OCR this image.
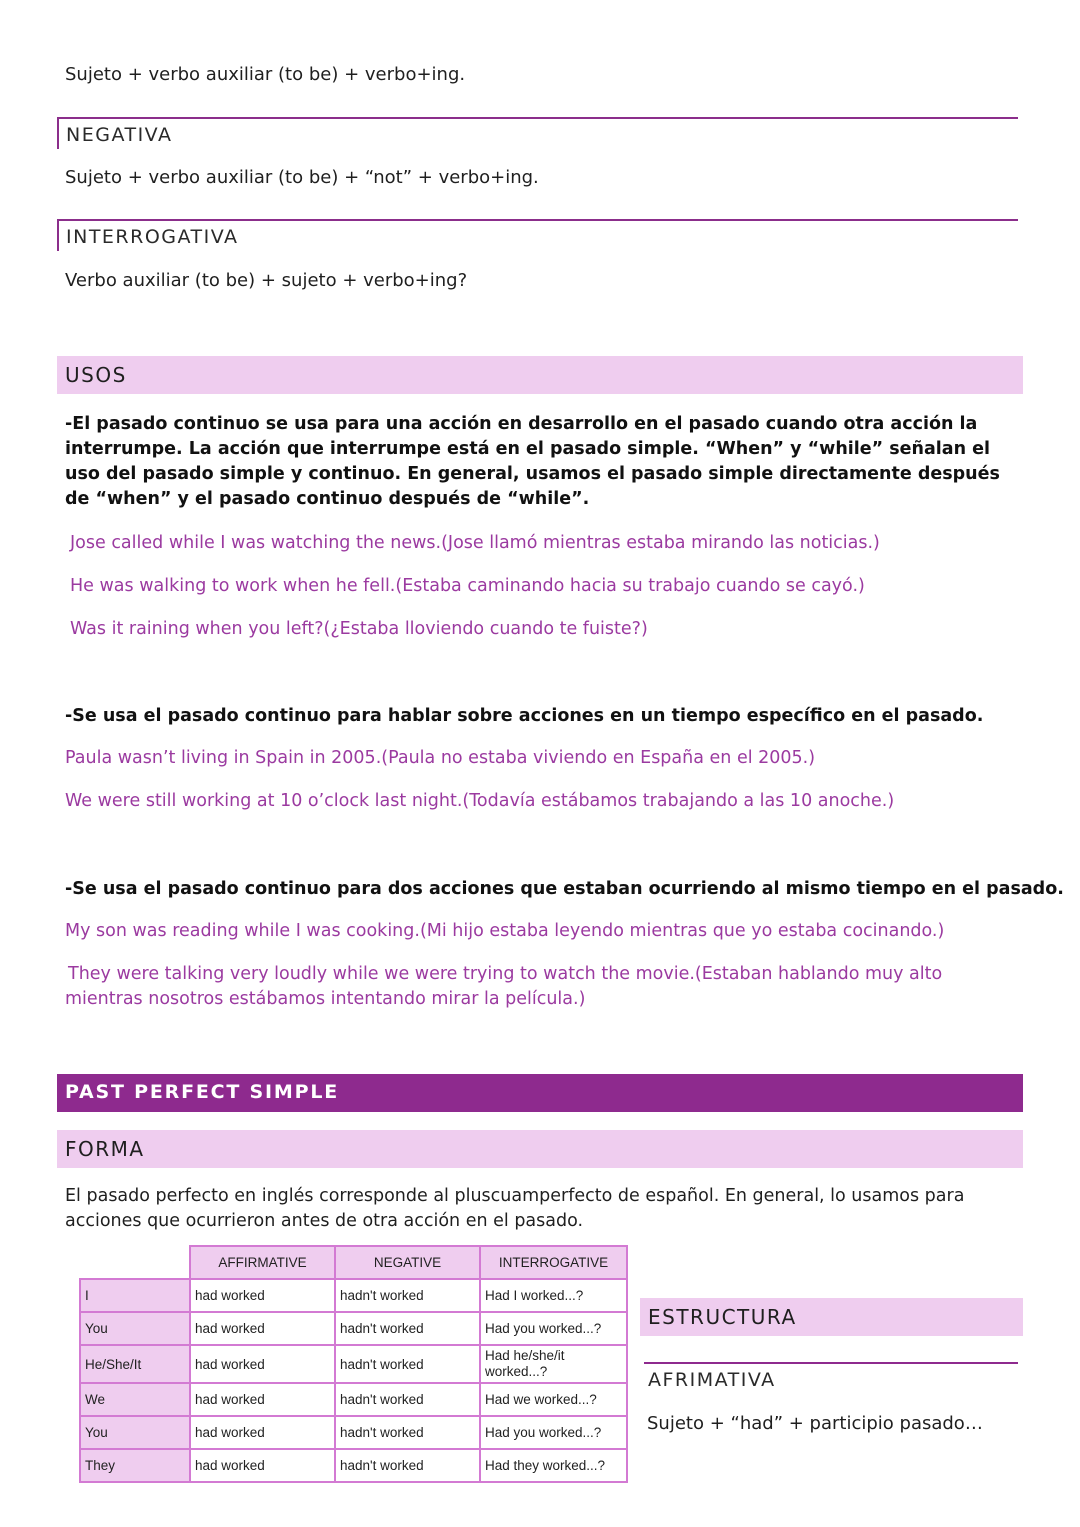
Sujeto + verbo auxiliar (to be) + verbo+ing.
NEGATIVA
Sujeto + verbo auxiliar (to be) + “not” + verbo+ing.
INTERROGATIVA
Verbo auxiliar (to be) + sujeto + verbo+ing?
USOS
-El pasado continuo se usa para una acción en desarrollo en el pasado cuando otra acción la interrumpe. La acción que interrumpe está en el pasado simple. “When” y “while” señalan el uso del pasado simple y continuo. En general, usamos el pasado simple directamente después de “when” y el pasado continuo después de “while”.
Jose called while I was watching the news.(Jose llamó mientras estaba mirando las noticias.)
He was walking to work when he fell.(Estaba caminando hacia su trabajo cuando se cayó.)
Was it raining when you left?(¿Estaba lloviendo cuando te fuiste?)
-Se usa el pasado continuo para hablar sobre acciones en un tiempo específico en el pasado.
Paula wasn’t living in Spain in 2005.(Paula no estaba viviendo en España en el 2005.)
We were still working at 10 o’clock last night.(Todavía estábamos trabajando a las 10 anoche.)
-Se usa el pasado continuo para dos acciones que estaban ocurriendo al mismo tiempo en el pasado.
My son was reading while I was cooking.(Mi hijo estaba leyendo mientras que yo estaba cocinando.)
They were talking very loudly while we were trying to watch the movie.(Estaban hablando muy alto
mientras nosotros estábamos intentando mirar la película.)
PAST PERFECT SIMPLE
FORMA
El pasado perfecto en inglés corresponde al pluscuamperfecto de español. En general, lo usamos para
acciones que ocurrieron antes de otra acción en el pasado.
	AFFIRMATIVE	NEGATIVE	INTERROGATIVE
I	had worked	hadn't worked	Had I worked...?
You	had worked	hadn't worked	Had you worked...?
He/She/It	had worked	hadn't worked	Had he/she/it worked...?
We	had worked	hadn't worked	Had we worked...?
You	had worked	hadn't worked	Had you worked...?
They	had worked	hadn't worked	Had they worked...?
ESTRUCTURA
AFRIMATIVA
Sujeto + “had” + participio pasado…
